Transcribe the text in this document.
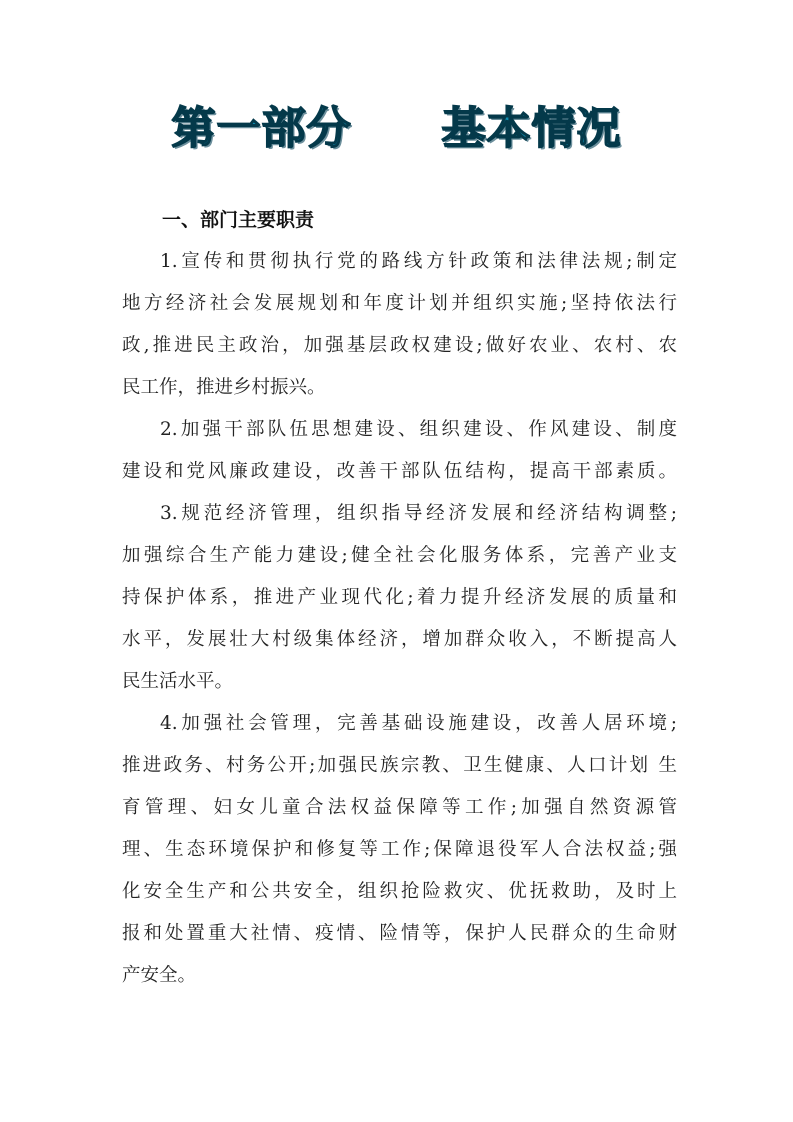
第一部分　　基本情况
一、部门主要职责
1.宣传和贯彻执行党的路线方针政策和法律法规;制定
地方经济社会发展规划和年度计划并组织实施;坚持依法行
政,推进民主政治，加强基层政权建设;做好农业、农村、农
民工作，推进乡村振兴。
2.加强干部队伍思想建设、组织建设、作风建设、制度
建设和党风廉政建设，改善干部队伍结构，提高干部素质。
3.规范经济管理，组织指导经济发展和经济结构调整;
加强综合生产能力建设;健全社会化服务体系，完善产业支
持保护体系，推进产业现代化;着力提升经济发展的质量和
水平，发展壮大村级集体经济，增加群众收入，不断提高人
民生活水平。
4.加强社会管理，完善基础设施建设，改善人居环境;
推进政务、村务公开;加强民族宗教、卫生健康、人口计划 生
育管理、妇女儿童合法权益保障等工作;加强自然资源管
理、生态环境保护和修复等工作;保障退役军人合法权益;强
化安全生产和公共安全，组织抢险救灾、优抚救助，及时上
报和处置重大社情、疫情、险情等，保护人民群众的生命财
产安全。
